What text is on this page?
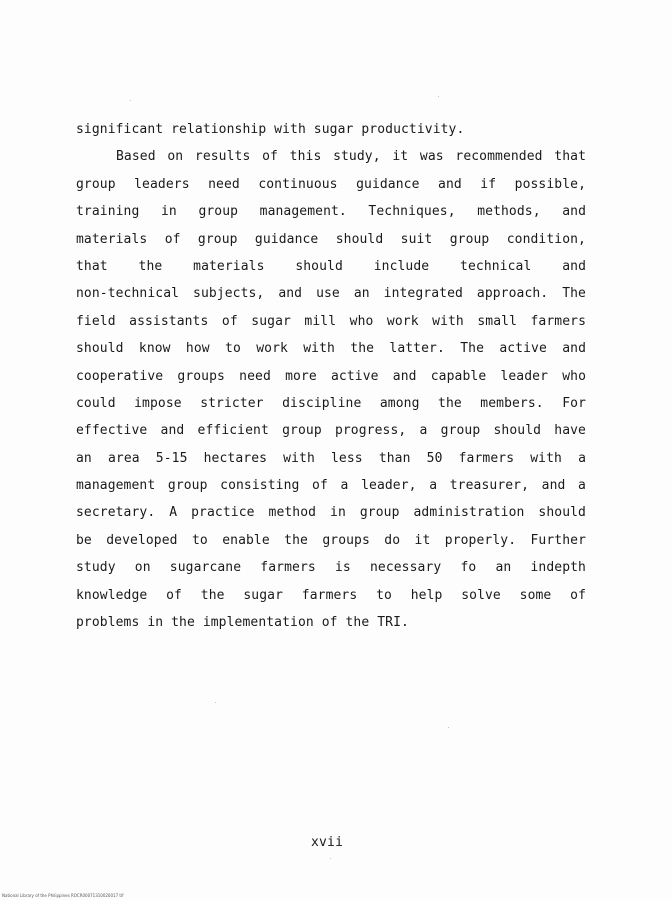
significant relationship with sugar productivity.
Based on results of this study, it was recommended that
group leaders need continuous guidance and if possible,
training in group management. Techniques, methods, and
materials of group guidance should suit group condition,
that the materials should include technical and
non-technical subjects, and use an integrated approach. The
field assistants of sugar mill who work with small farmers
should know how to work with the latter. The active and
cooperative groups need more active and capable leader who
could impose stricter discipline among the members. For
effective and efficient group progress, a group should have
an area 5-15 hectares with less than 50 farmers with a
management group consisting of a leader, a treasurer, and a
secretary. A practice method in group administration should
be developed to enable the groups do it properly. Further
study on sugarcane farmers is necessary fo an indepth
knowledge of the sugar farmers to help solve some of
problems in the implementation of the TRI.
xvii
National Library of the Philippines ROCR00071310020017 tif
